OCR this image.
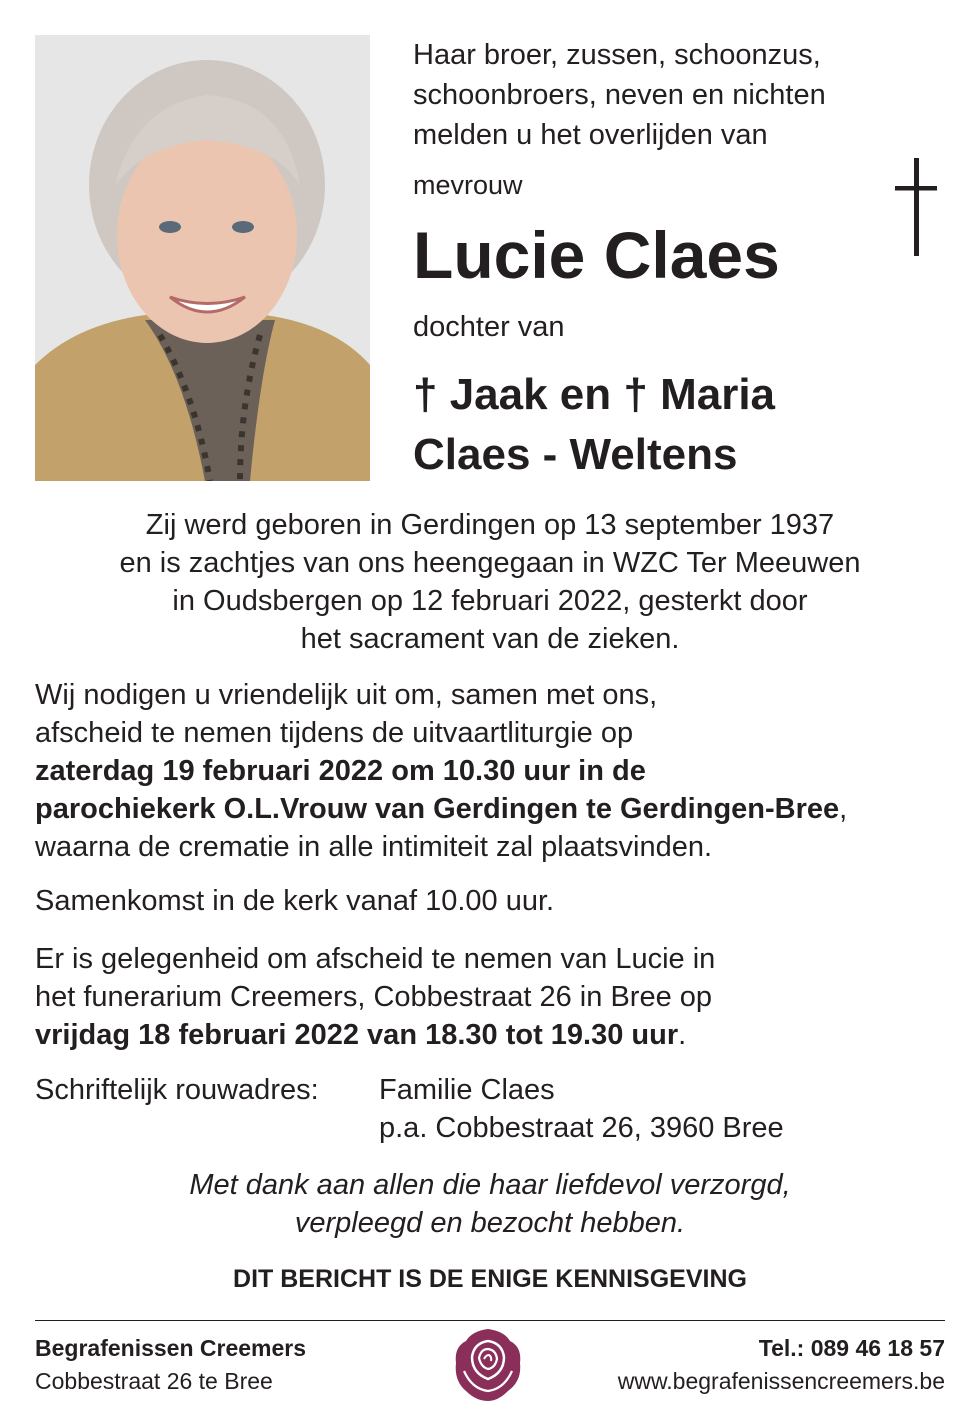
Haar broer, zussen, schoonzus,
schoonbroers, neven en nichten
melden u het overlijden van
mevrouw
Lucie Claes
dochter van
† Jaak en † Maria
Claes - Weltens
Zij werd geboren in Gerdingen op 13 september 1937
en is zachtjes van ons heengegaan in WZC Ter Meeuwen
in Oudsbergen op 12 februari 2022, gesterkt door
het sacrament van de zieken.
Wij nodigen u vriendelijk uit om, samen met ons,
afscheid te nemen tijdens de uitvaartliturgie op
zaterdag 19 februari 2022 om 10.30 uur in de
parochiekerk O.L.Vrouw van Gerdingen te Gerdingen-Bree,
waarna de crematie in alle intimiteit zal plaatsvinden.
Samenkomst in de kerk vanaf 10.00 uur.
Er is gelegenheid om afscheid te nemen van Lucie in
het funerarium Creemers, Cobbestraat 26 in Bree op
vrijdag 18 februari 2022 van 18.30 tot 19.30 uur.
Schriftelijk rouwadres: Familie Claes
p.a. Cobbestraat 26, 3960 Bree
Met dank aan allen die haar liefdevol verzorgd,
verpleegd en bezocht hebben.
DIT BERICHT IS DE ENIGE KENNISGEVING
Begrafenissen Creemers
Cobbestraat 26 te Bree
Tel.: 089 46 18 57
www.begrafenissencreemers.be
